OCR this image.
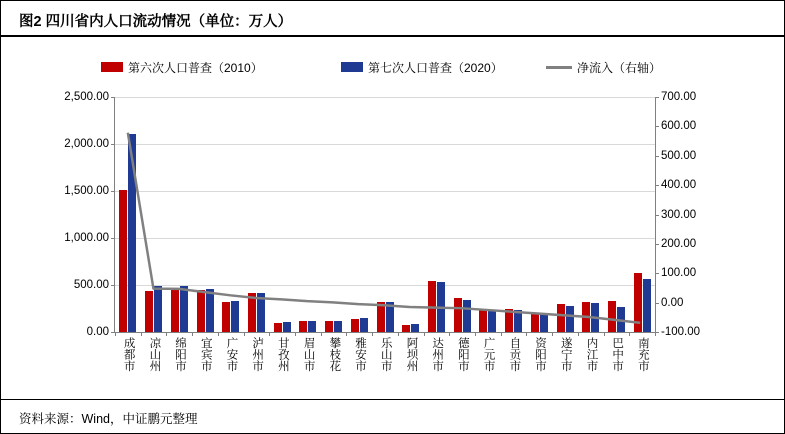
图2 四川省内人口流动情况（单位：万人）
第六次人口普查（2010）	第七次人口普查（2020）	净流入（右轴）
0.00
500.00
1,000.00
1,500.00
2,000.00
2,500.00
-100.00
0.00
100.00
200.00
300.00
400.00
500.00
600.00
700.00
成都市 凉山州 绵阳市 宜宾市 广安市 泸州市 甘孜州 眉山市 攀枝花 雅安市 乐山市 阿坝州 达州市 德阳市 广元市 自贡市 资阳市 遂宁市 内江市 巴中市 南充市
资料来源：Wind，中证鹏元整理
